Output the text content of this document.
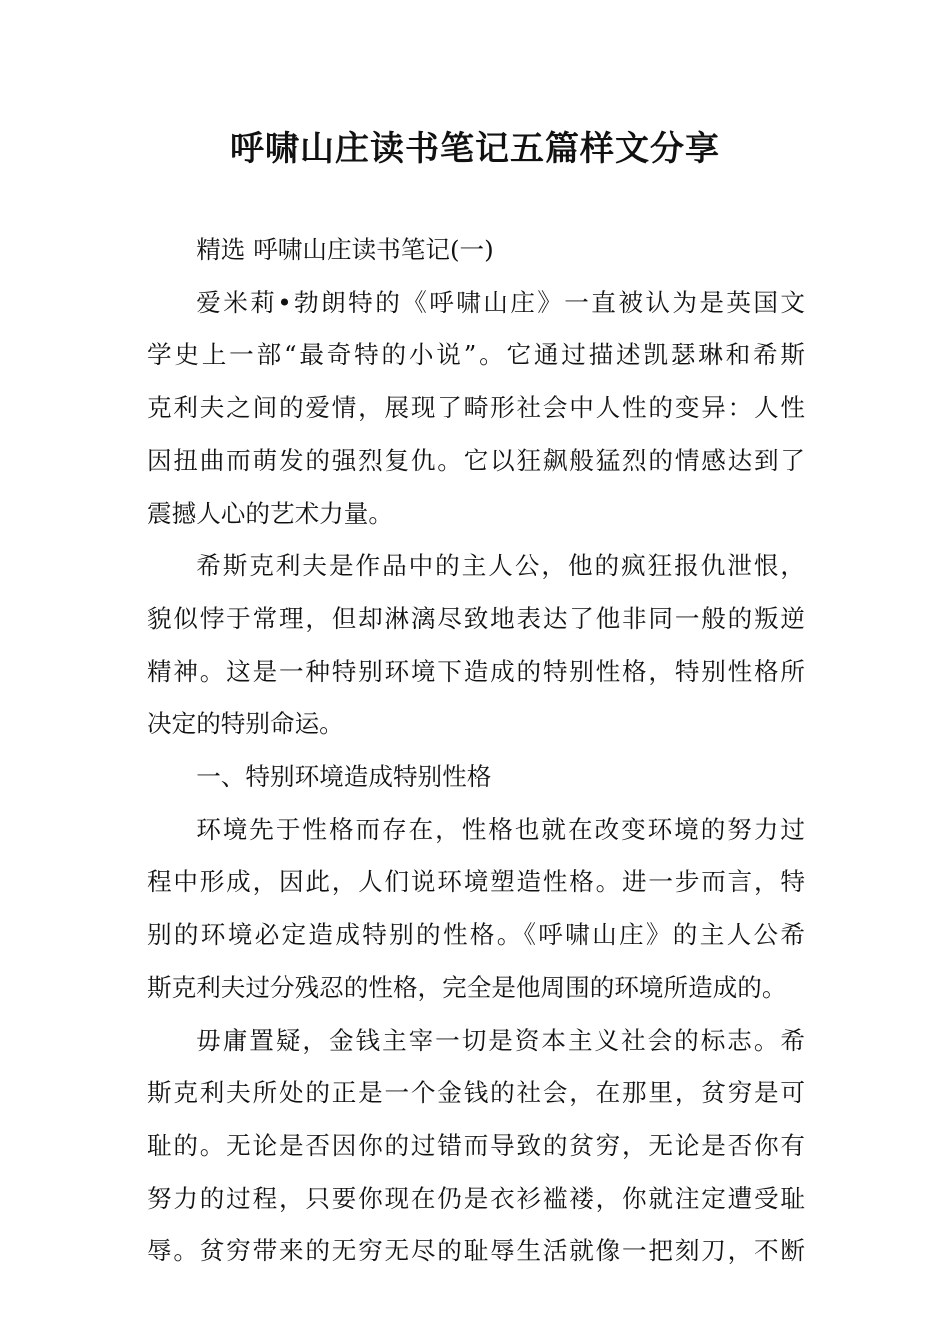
呼啸山庄读书笔记五篇样文分享
精选 呼啸山庄读书笔记(一)
爱米莉•勃朗特的《呼啸山庄》一直被认为是英国文
学史上一部“最奇特的小说”。它通过描述凯瑟琳和希斯
克利夫之间的爱情，展现了畸形社会中人性的变异：人性
因扭曲而萌发的强烈复仇。它以狂飙般猛烈的情感达到了
震撼人心的艺术力量。
希斯克利夫是作品中的主人公，他的疯狂报仇泄恨，
貌似悖于常理，但却淋漓尽致地表达了他非同一般的叛逆
精神。这是一种特别环境下造成的特别性格，特别性格所
决定的特别命运。
一、特别环境造成特别性格
环境先于性格而存在，性格也就在改变环境的努力过
程中形成，因此，人们说环境塑造性格。进一步而言，特
别的环境必定造成特别的性格。《呼啸山庄》的主人公希
斯克利夫过分残忍的性格，完全是他周围的环境所造成的。
毋庸置疑，金钱主宰一切是资本主义社会的标志。希
斯克利夫所处的正是一个金钱的社会，在那里，贫穷是可
耻的。无论是否因你的过错而导致的贫穷，无论是否你有
努力的过程，只要你现在仍是衣衫褴褛，你就注定遭受耻
辱。贫穷带来的无穷无尽的耻辱生活就像一把刻刀，不断
